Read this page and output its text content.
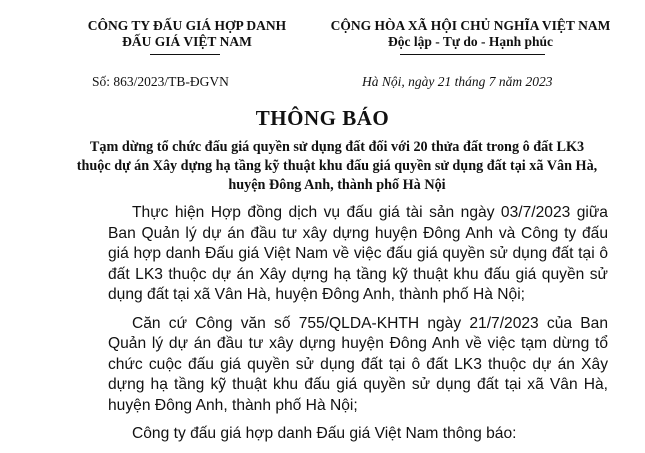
CÔNG TY ĐẤU GIÁ HỢP DANH
ĐẤU GIÁ VIỆT NAM
CỘNG HÒA XÃ HỘI CHỦ NGHĨA VIỆT NAM
Độc lập - Tự do - Hạnh phúc
Số: 863/2023/TB-ĐGVN	Hà Nội, ngày 21 tháng 7 năm 2023
THÔNG BÁO
Tạm dừng tổ chức đấu giá quyền sử dụng đất đối với 20 thửa đất trong ô đất LK3 thuộc dự án Xây dựng hạ tầng kỹ thuật khu đấu giá quyền sử dụng đất tại xã Vân Hà, huyện Đông Anh, thành phố Hà Nội

Thực hiện Hợp đồng dịch vụ đấu giá tài sản ngày 03/7/2023 giữa Ban Quản lý dự án đầu tư xây dựng huyện Đông Anh và Công ty đấu giá hợp danh Đấu giá Việt Nam về việc đấu giá quyền sử dụng đất tại ô đất LK3 thuộc dự án Xây dựng hạ tầng kỹ thuật khu đấu giá quyền sử dụng đất tại xã Vân Hà, huyện Đông Anh, thành phố Hà Nội;

Căn cứ Công văn số 755/QLDA-KHTH ngày 21/7/2023 của Ban Quản lý dự án đầu tư xây dựng huyện Đông Anh về việc tạm dừng tổ chức cuộc đấu giá quyền sử dụng đất tại ô đất LK3 thuộc dự án Xây dựng hạ tầng kỹ thuật khu đấu giá quyền sử dụng đất tại xã Vân Hà, huyện Đông Anh, thành phố Hà Nội;

Công ty đấu giá hợp danh Đấu giá Việt Nam thông báo:
